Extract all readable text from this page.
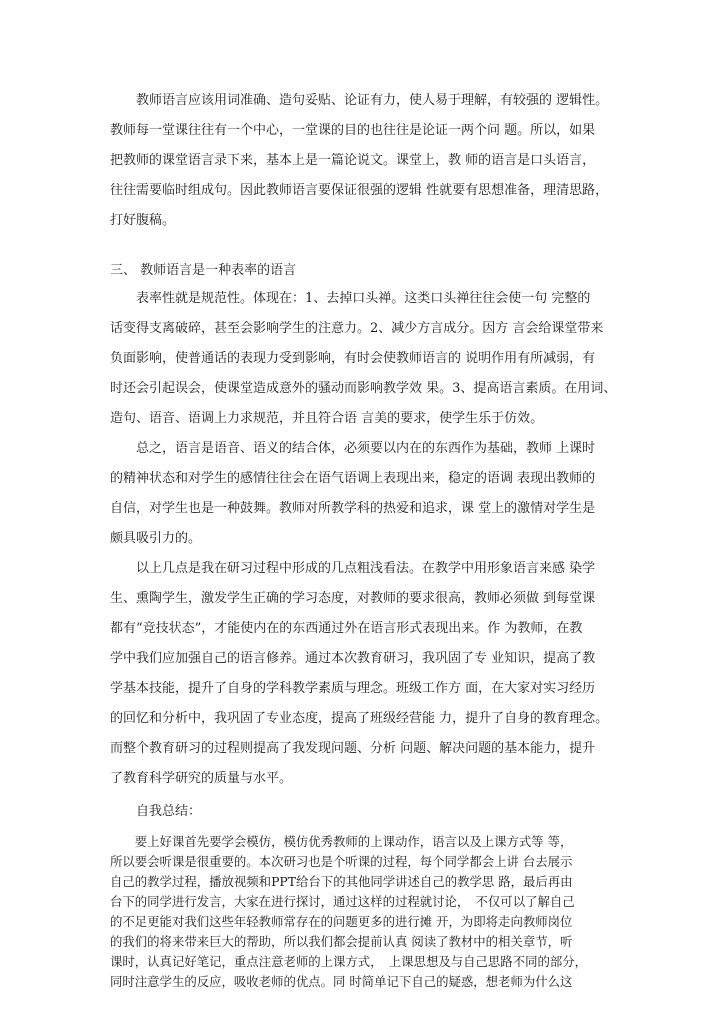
　　教师语言应该用词准确、造句妥贴、论证有力，使人易于理解，有较强的 逻辑性。
教师每一堂课往往有一个中心，一堂课的目的也往往是论证一两个问 题。所以，如果
把教师的课堂语言录下来，基本上是一篇论说文。课堂上，教 师的语言是口头语言，
往往需要临时组成句。因此教师语言要保证很强的逻辑 性就要有思想准备，理清思路，
打好腹稿。
三、 教师语言是一种表率的语言
　　表率性就是规范性。体现在：1、去掉口头禅。这类口头禅往往会使一句 完整的
话变得支离破碎，甚至会影响学生的注意力。2、减少方言成分。因方 言会给课堂带来
负面影响，使普通话的表现力受到影响，有时会使教师语言的 说明作用有所减弱，有
时还会引起误会，使课堂造成意外的骚动而影响教学效 果。3、提高语言素质。在用词、
造句、语音、语调上力求规范，并且符合语 言美的要求，使学生乐于仿效。
　　总之，语言是语音、语义的结合体，必须要以内在的东西作为基础，教师 上课时
的精神状态和对学生的感情往往会在语气语调上表现出来，稳定的语调 表现出教师的
自信，对学生也是一种鼓舞。教师对所教学科的热爱和追求，课 堂上的激情对学生是
颇具吸引力的。
　　以上几点是我在研习过程中形成的几点粗浅看法。在教学中用形象语言来感 染学
生、熏陶学生，激发学生正确的学习态度，对教师的要求很高，教师必须做 到每堂课
都有“竞技状态”，才能使内在的东西通过外在语言形式表现出来。作 为教师，在教
学中我们应加强自己的语言修养。通过本次教育研习，我巩固了专 业知识，提高了教
学基本技能，提升了自身的学科教学素质与理念。班级工作方 面，在大家对实习经历
的回忆和分析中，我巩固了专业态度，提高了班级经营能 力，提升了自身的教育理念。
而整个教育研习的过程则提高了我发现问题、分析 问题、解决问题的基本能力，提升
了教育科学研究的质量与水平。
　　自我总结：
　　要上好课首先要学会模仿，模仿优秀教师的上课动作，语言以及上课方式等 等，
所以要会听课是很重要的。本次研习也是个听课的过程，每个同学都会上讲 台去展示
自己的教学过程，播放视频和PPT给台下的其他同学讲述自己的教学思 路，最后再由
台下的同学进行发言，大家在进行探讨，通过这样的过程就讨论，　不仅可以了解自己
的不足更能对我们这些年轻教师常存在的问题更多的进行摊 开，为即将走向教师岗位
的我们的将来带来巨大的帮助，所以我们都会提前认真 阅读了教材中的相关章节，听
课时，认真记好笔记，重点注意老师的上课方式，　上课思想及与自己思路不同的部分，
同时注意学生的反应，吸收老师的优点。同 时简单记下自己的疑惑，想老师为什么这
